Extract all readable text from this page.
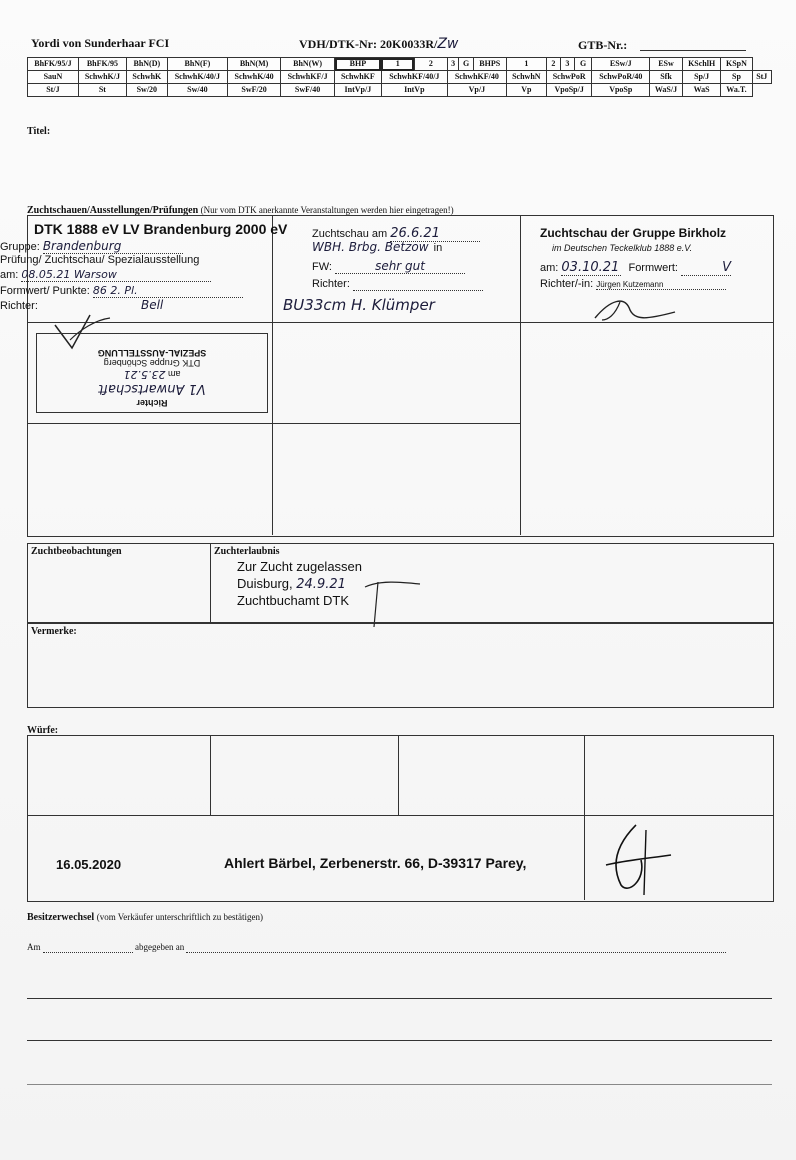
Yordi von Sunderhaar FCI	VDH/DTK-Nr: 20K0033R/Zw	GTB-Nr.:
BhFK/95/J	BhFK/95	BhN(D)	BhN(F)	BhN(M)	BhN(W)	BHP	1	2	3	G	BHPS	1	2	3	G	ESw/J	ESw	KSchlH	KSpN	
SauN	SchwhK/J	SchwhK	SchwhK/40/J	SchwhK/40	SchwhKF/J	SchwhKF	SchwhKF/40/J		SchwhKF/40			SchwhN	SchwPoR			SchwPoR/40	Sfk	Sp/J	Sp	StJ
St/J	St	Sw/20	Sw/40	SwF/20	SwF/40	IntVp/J	IntVp		Vp/J			Vp	VpoSp/J			VpoSp	WaS/J	WaS	Wa.T.	
Titel:
Zuchtschauen/Ausstellungen/Prüfungen (Nur vom DTK anerkannte Veranstaltungen werden hier eingetragen!)
DTK 1888 eV LV Brandenburg 2000 eV
Gruppe: Brandenburg
Prüfung/ Zuchtschau/ Spezialausstellung
am: 08.05.21 Warsow
Formwert/ Punkte: 86 2. Pl.
Richter:	Bell
Zuchtschau am 26.6.21
WBH. Brbg. Betzow in
FW:	sehr gut
Richter:
BU33cm H. Klümper
Zuchtschau der Gruppe Birkholz
im Deutschen Teckelklub 1888 e.V.
am: 03.10.21 Formwert:	V
Richter/-in: Jürgen Kutzemann
Richter
V1 Anwartschaft
am 23.5.21
DTK Gruppe Schönberg
SPEZIAL-AUSSTELLUNG
Zuchtbeobachtungen	Zuchterlaubnis
Zur Zucht zugelassen
Duisburg, 24.9.21
Zuchtbuchamt DTK
Vermerke:
Würfe:
16.05.2020	Ahlert Bärbel, Zerbenerstr. 66, D-39317 Parey,
Besitzerwechsel (vom Verkäufer unterschriftlich zu bestätigen)
Am	abgegeben an
